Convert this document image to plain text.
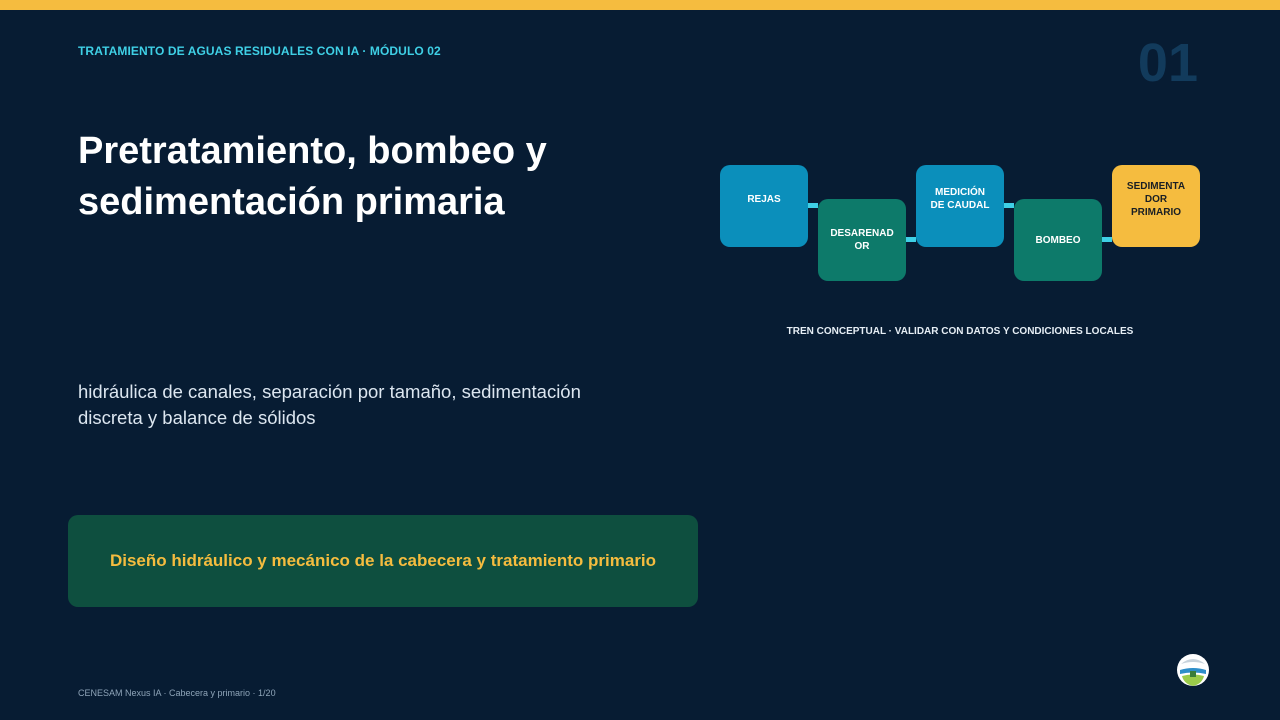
TRATAMIENTO DE AGUAS RESIDUALES CON IA · MÓDULO 02	01
Pretratamiento, bombeo y sedimentación primaria

hidráulica de canales, separación por tamaño, sedimentación discreta y balance de sólidos

Diseño hidráulico y mecánico de la cabecera y tratamiento primario
REJAS
DESARENAD
OR
MEDICIÓN
DE CAUDAL
BOMBEO
SEDIMENTA
DOR
PRIMARIO
TREN CONCEPTUAL · VALIDAR CON DATOS Y CONDICIONES LOCALES
CENESAM Nexus IA · Cabecera y primario · 1/20
